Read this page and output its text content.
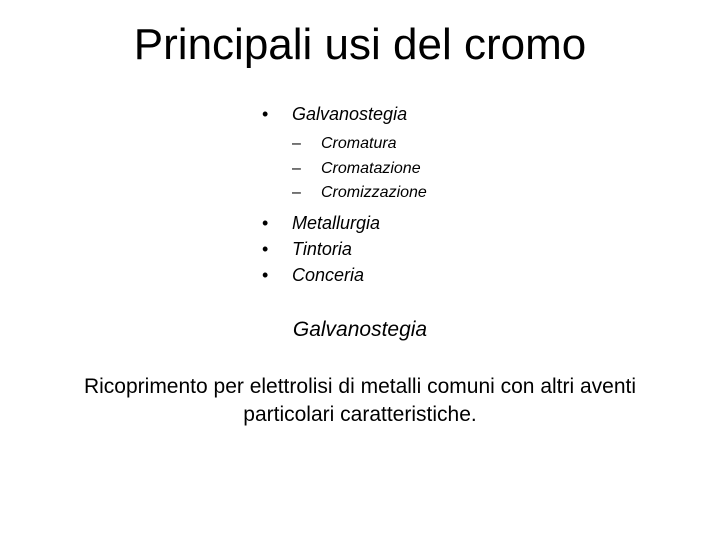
Principali usi del cromo
• Galvanostegia
– Cromatura
– Cromatazione
– Cromizzazione
• Metallurgia
• Tintoria
• Conceria
Galvanostegia

Ricoprimento per elettrolisi di metalli comuni con altri aventi particolari caratteristiche.
